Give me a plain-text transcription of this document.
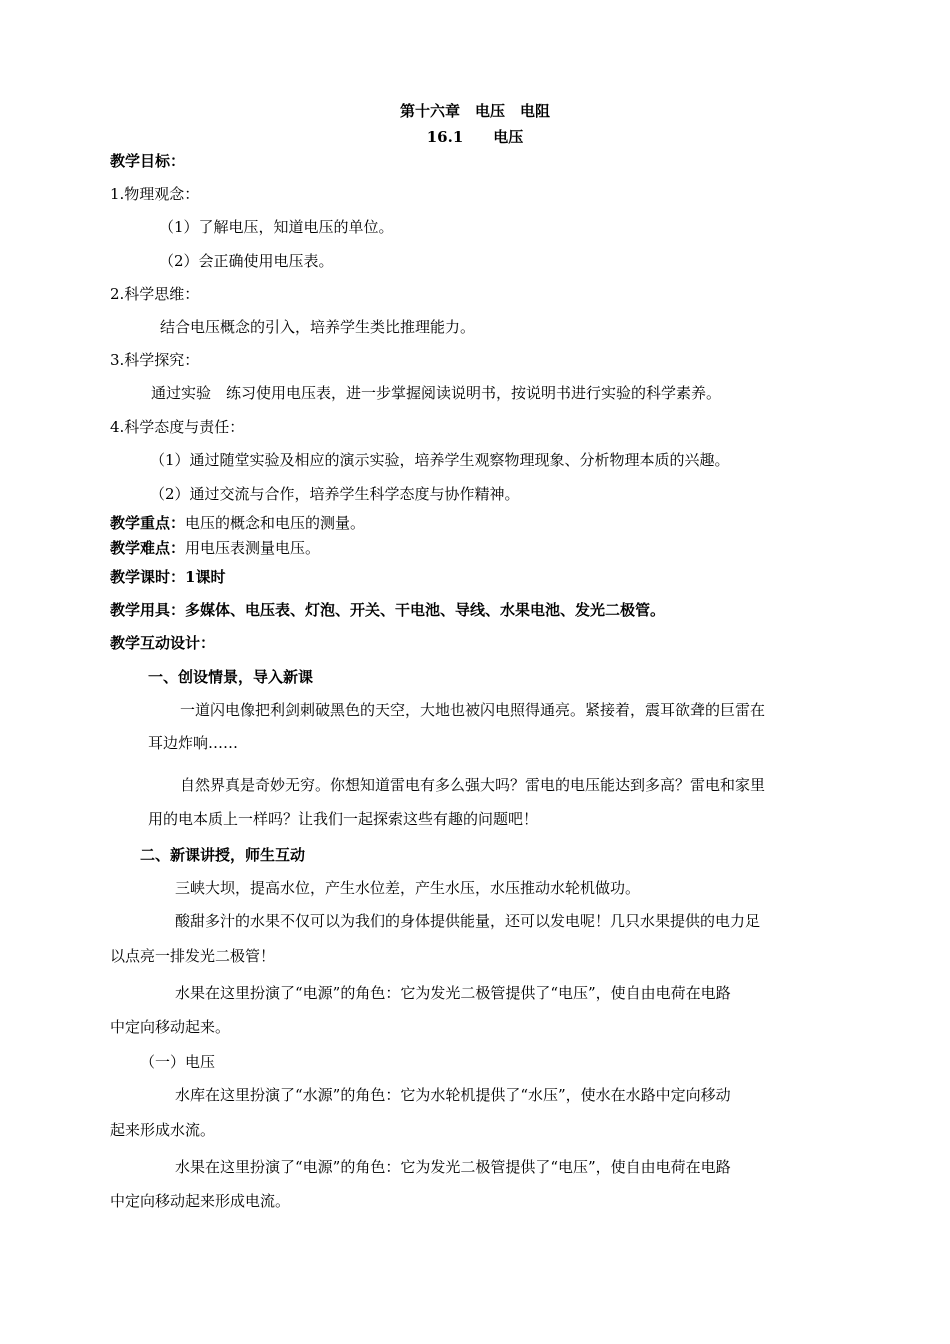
第十六章　电压　电阻
16.1　　电压
教学目标：
1.物理观念：
（1）了解电压，知道电压的单位。
（2）会正确使用电压表。
2.科学思维：
结合电压概念的引入，培养学生类比推理能力。
3.科学探究：
通过实验　练习使用电压表，进一步掌握阅读说明书，按说明书进行实验的科学素养。
4.科学态度与责任：
（1）通过随堂实验及相应的演示实验，培养学生观察物理现象、分析物理本质的兴趣。
（2）通过交流与合作，培养学生科学态度与协作精神。
教学重点：电压的概念和电压的测量。
教学难点：用电压表测量电压。
教学课时：1课时
教学用具：多媒体、电压表、灯泡、开关、干电池、导线、水果电池、发光二极管。
教学互动设计：
一、创设情景，导入新课
一道闪电像把利剑刺破黑色的天空，大地也被闪电照得通亮。紧接着，震耳欲聋的巨雷在
耳边炸响……
自然界真是奇妙无穷。你想知道雷电有多么强大吗？雷电的电压能达到多高？雷电和家里
用的电本质上一样吗？让我们一起探索这些有趣的问题吧！
二、新课讲授，师生互动
三峡大坝，提高水位，产生水位差，产生水压，水压推动水轮机做功。
酸甜多汁的水果不仅可以为我们的身体提供能量，还可以发电呢！几只水果提供的电力足
以点亮一排发光二极管！
水果在这里扮演了“电源”的角色：它为发光二极管提供了“电压”，使自由电荷在电路
中定向移动起来。
（一）电压
水库在这里扮演了“水源”的角色：它为水轮机提供了“水压”，使水在水路中定向移动
起来形成水流。
水果在这里扮演了“电源”的角色：它为发光二极管提供了“电压”，使自由电荷在电路
中定向移动起来形成电流。
